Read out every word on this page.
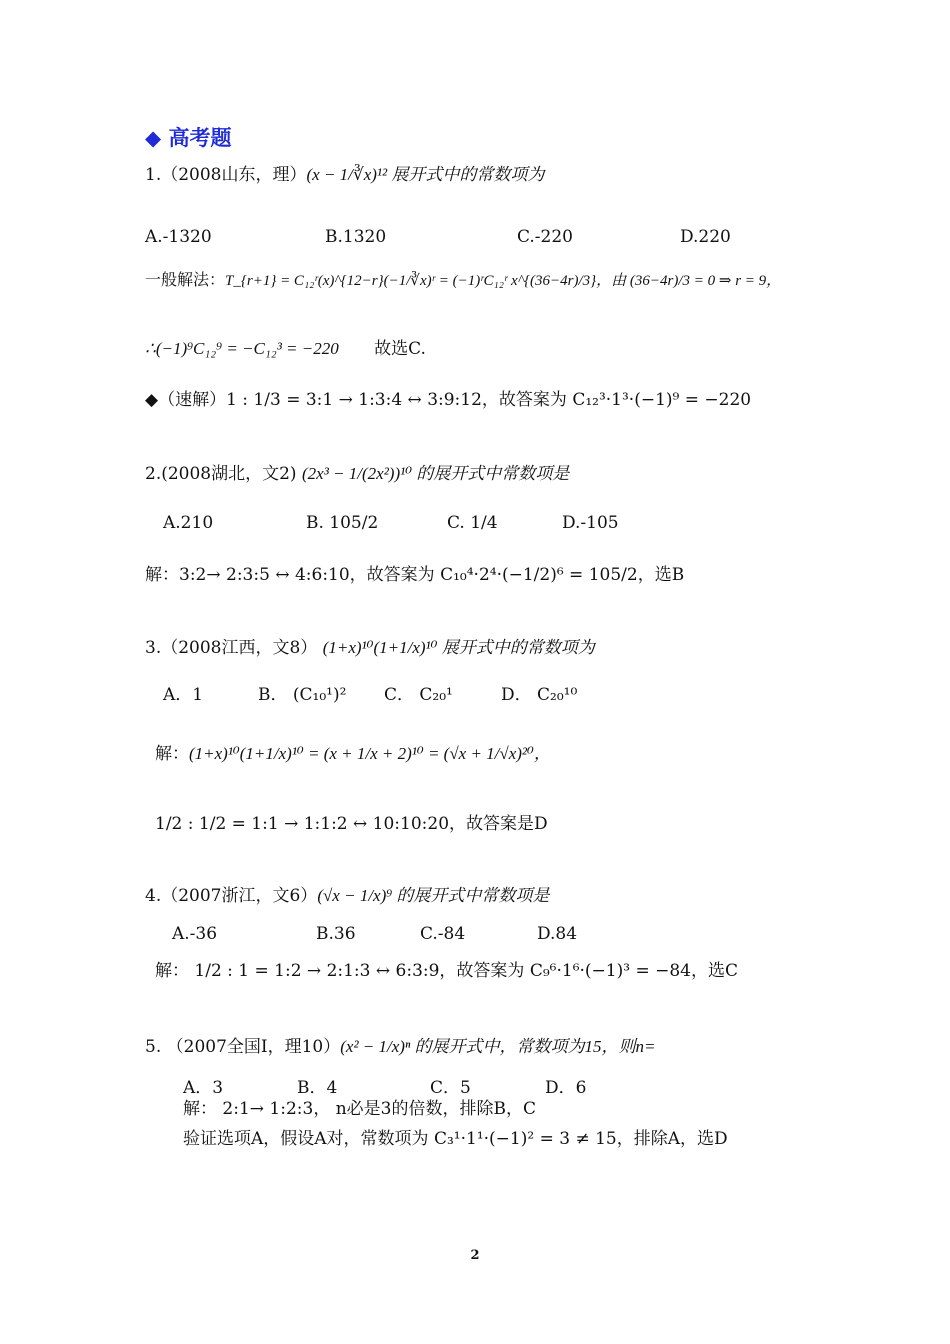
◆ 高考题
1.（2008山东，理）(x − 1/∛x)¹² 展开式中的常数项为
A.-1320	B.1320	C.-220	D.220
一般解法：T_{r+1} = C₁₂ʳ(x)^{12−r}(−1/∛x)ʳ = (−1)ʳC₁₂ʳ x^{(36−4r)/3}，由 (36−4r)/3 = 0 ⇒ r = 9，
∴(−1)⁹C₁₂⁹ = −C₁₂³ = −220 故选C.
◆（速解）1 : 1/3 = 3:1 → 1:3:4 ↔ 3:9:12，故答案为 C₁₂³·1³·(−1)⁹ = −220
2.(2008湖北，文2) (2x³ − 1/(2x²))¹⁰ 的展开式中常数项是
A.210	B. 105/2	C. 1/4	D.-105
解：3:2→ 2:3:5 ↔ 4:6:10，故答案为 C₁₀⁴·2⁴·(−1/2)⁶ = 105/2，选B
3.（2008江西，文8） (1+x)¹⁰(1+1/x)¹⁰ 展开式中的常数项为
A．1	B． (C₁₀¹)² C． C₂₀¹	D． C₂₀¹⁰
解：(1+x)¹⁰(1+1/x)¹⁰ = (x + 1/x + 2)¹⁰ = (√x + 1/√x)²⁰，
1/2 : 1/2 = 1:1 → 1:1:2 ↔ 10:10:20，故答案是D
4.（2007浙江，文6）(√x − 1/x)⁹ 的展开式中常数项是
A.-36	B.36	C.-84	D.84
解： 1/2 : 1 = 1:2 → 2:1:3 ↔ 6:3:9，故答案为 C₉⁶·1⁶·(−1)³ = −84，选C
5. （2007全国Ⅰ，理10）(x² − 1/x)ⁿ 的展开式中，常数项为15，则n=
A．3	B．4	C．5	D．6
解： 2:1→ 1:2:3， n必是3的倍数，排除B，C
验证选项A，假设A对，常数项为 C₃¹·1¹·(−1)² = 3 ≠ 15，排除A，选D
2
